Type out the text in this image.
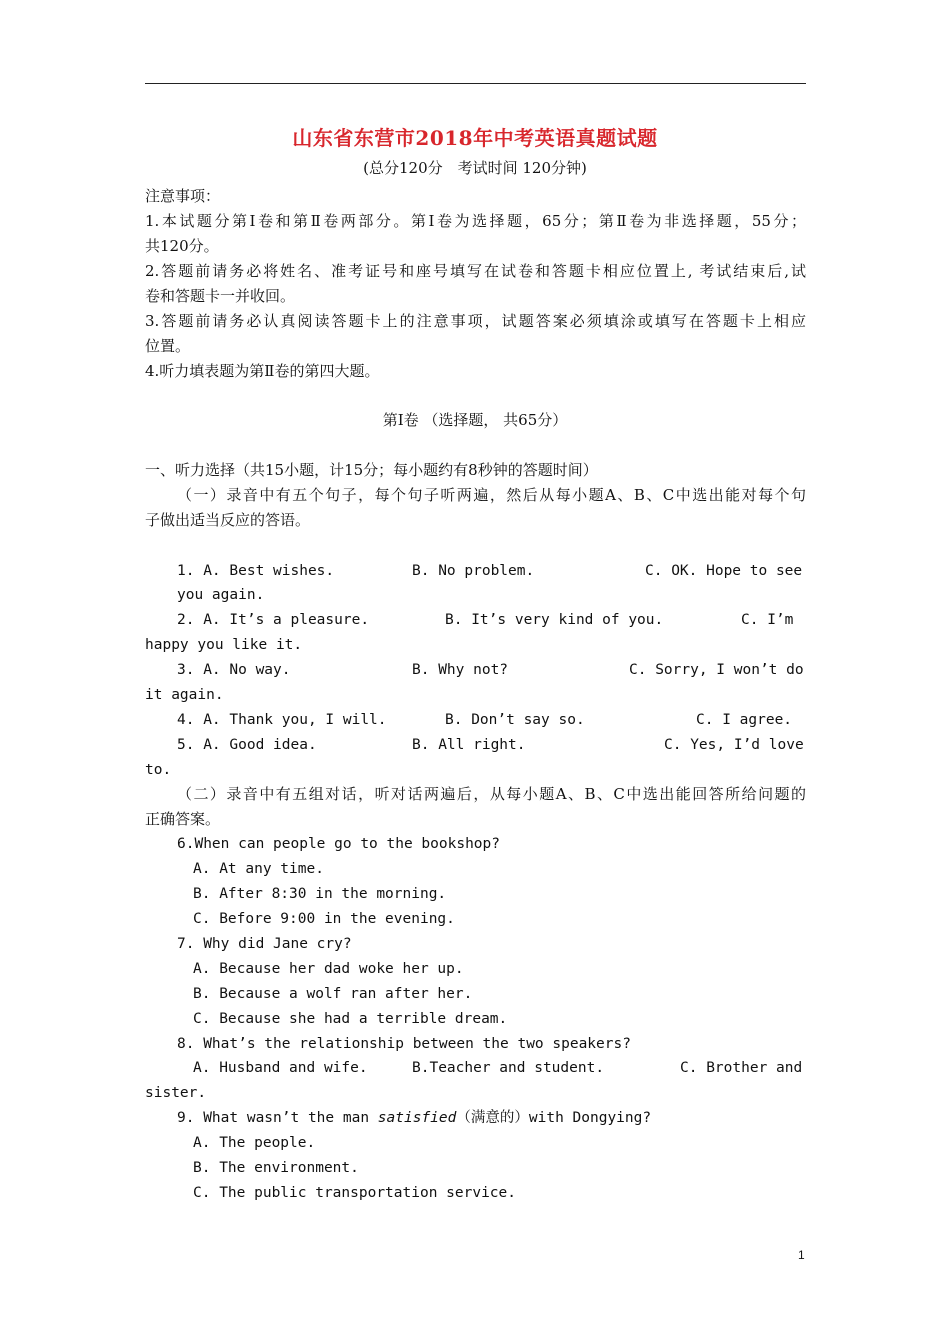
山东省东营市2018年中考英语真题试题
(总分120分　考试时间 120分钟)
注意事项：
1.本试题分第Ⅰ卷和第Ⅱ卷两部分。第Ⅰ卷为选择题，65分；第Ⅱ卷为非选择题，55分；
共120分。
2.答题前请务必将姓名、准考证号和座号填写在试卷和答题卡相应位置上, 考试结束后,试
卷和答题卡一并收回。
3.答题前请务必认真阅读答题卡上的注意事项，试题答案必须填涂或填写在答题卡上相应
位置。
4.听力填表题为第Ⅱ卷的第四大题。
第Ⅰ卷 （选择题， 共65分）
一、听力选择（共15小题，计15分；每小题约有8秒钟的答题时间）
（一）录音中有五个句子，每个句子听两遍，然后从每小题A、B、C中选出能对每个句
子做出适当反应的答语。
1. A. Best wishes.	B. No problem.	C. OK. Hope to see
you again.
2. A. It’s a pleasure.	B. It’s very kind of you.	C. I’m
happy you like it.
3. A. No way.	B. Why not?	C. Sorry, I won’t do
it again.
4. A. Thank you, I will.	B. Don’t say so.	C. I agree.
5. A. Good idea.	B. All right.	C. Yes, I’d love
to.
（二）录音中有五组对话，听对话两遍后，从每小题A、B、C中选出能回答所给问题的
正确答案。
6.When can people go to the bookshop?
A. At any time.
B. After 8:30 in the morning.
C. Before 9:00 in the evening.
7. Why did Jane cry?
A. Because her dad woke her up.
B. Because a wolf ran after her.
C. Because she had a terrible dream.
8. What’s the relationship between the two speakers?
A. Husband and wife.	B.Teacher and student.	C. Brother and
sister.
9. What wasn’t the man satisfied（满意的）with Dongying?
A. The people.
B. The environment.
C. The public transportation service.
1
